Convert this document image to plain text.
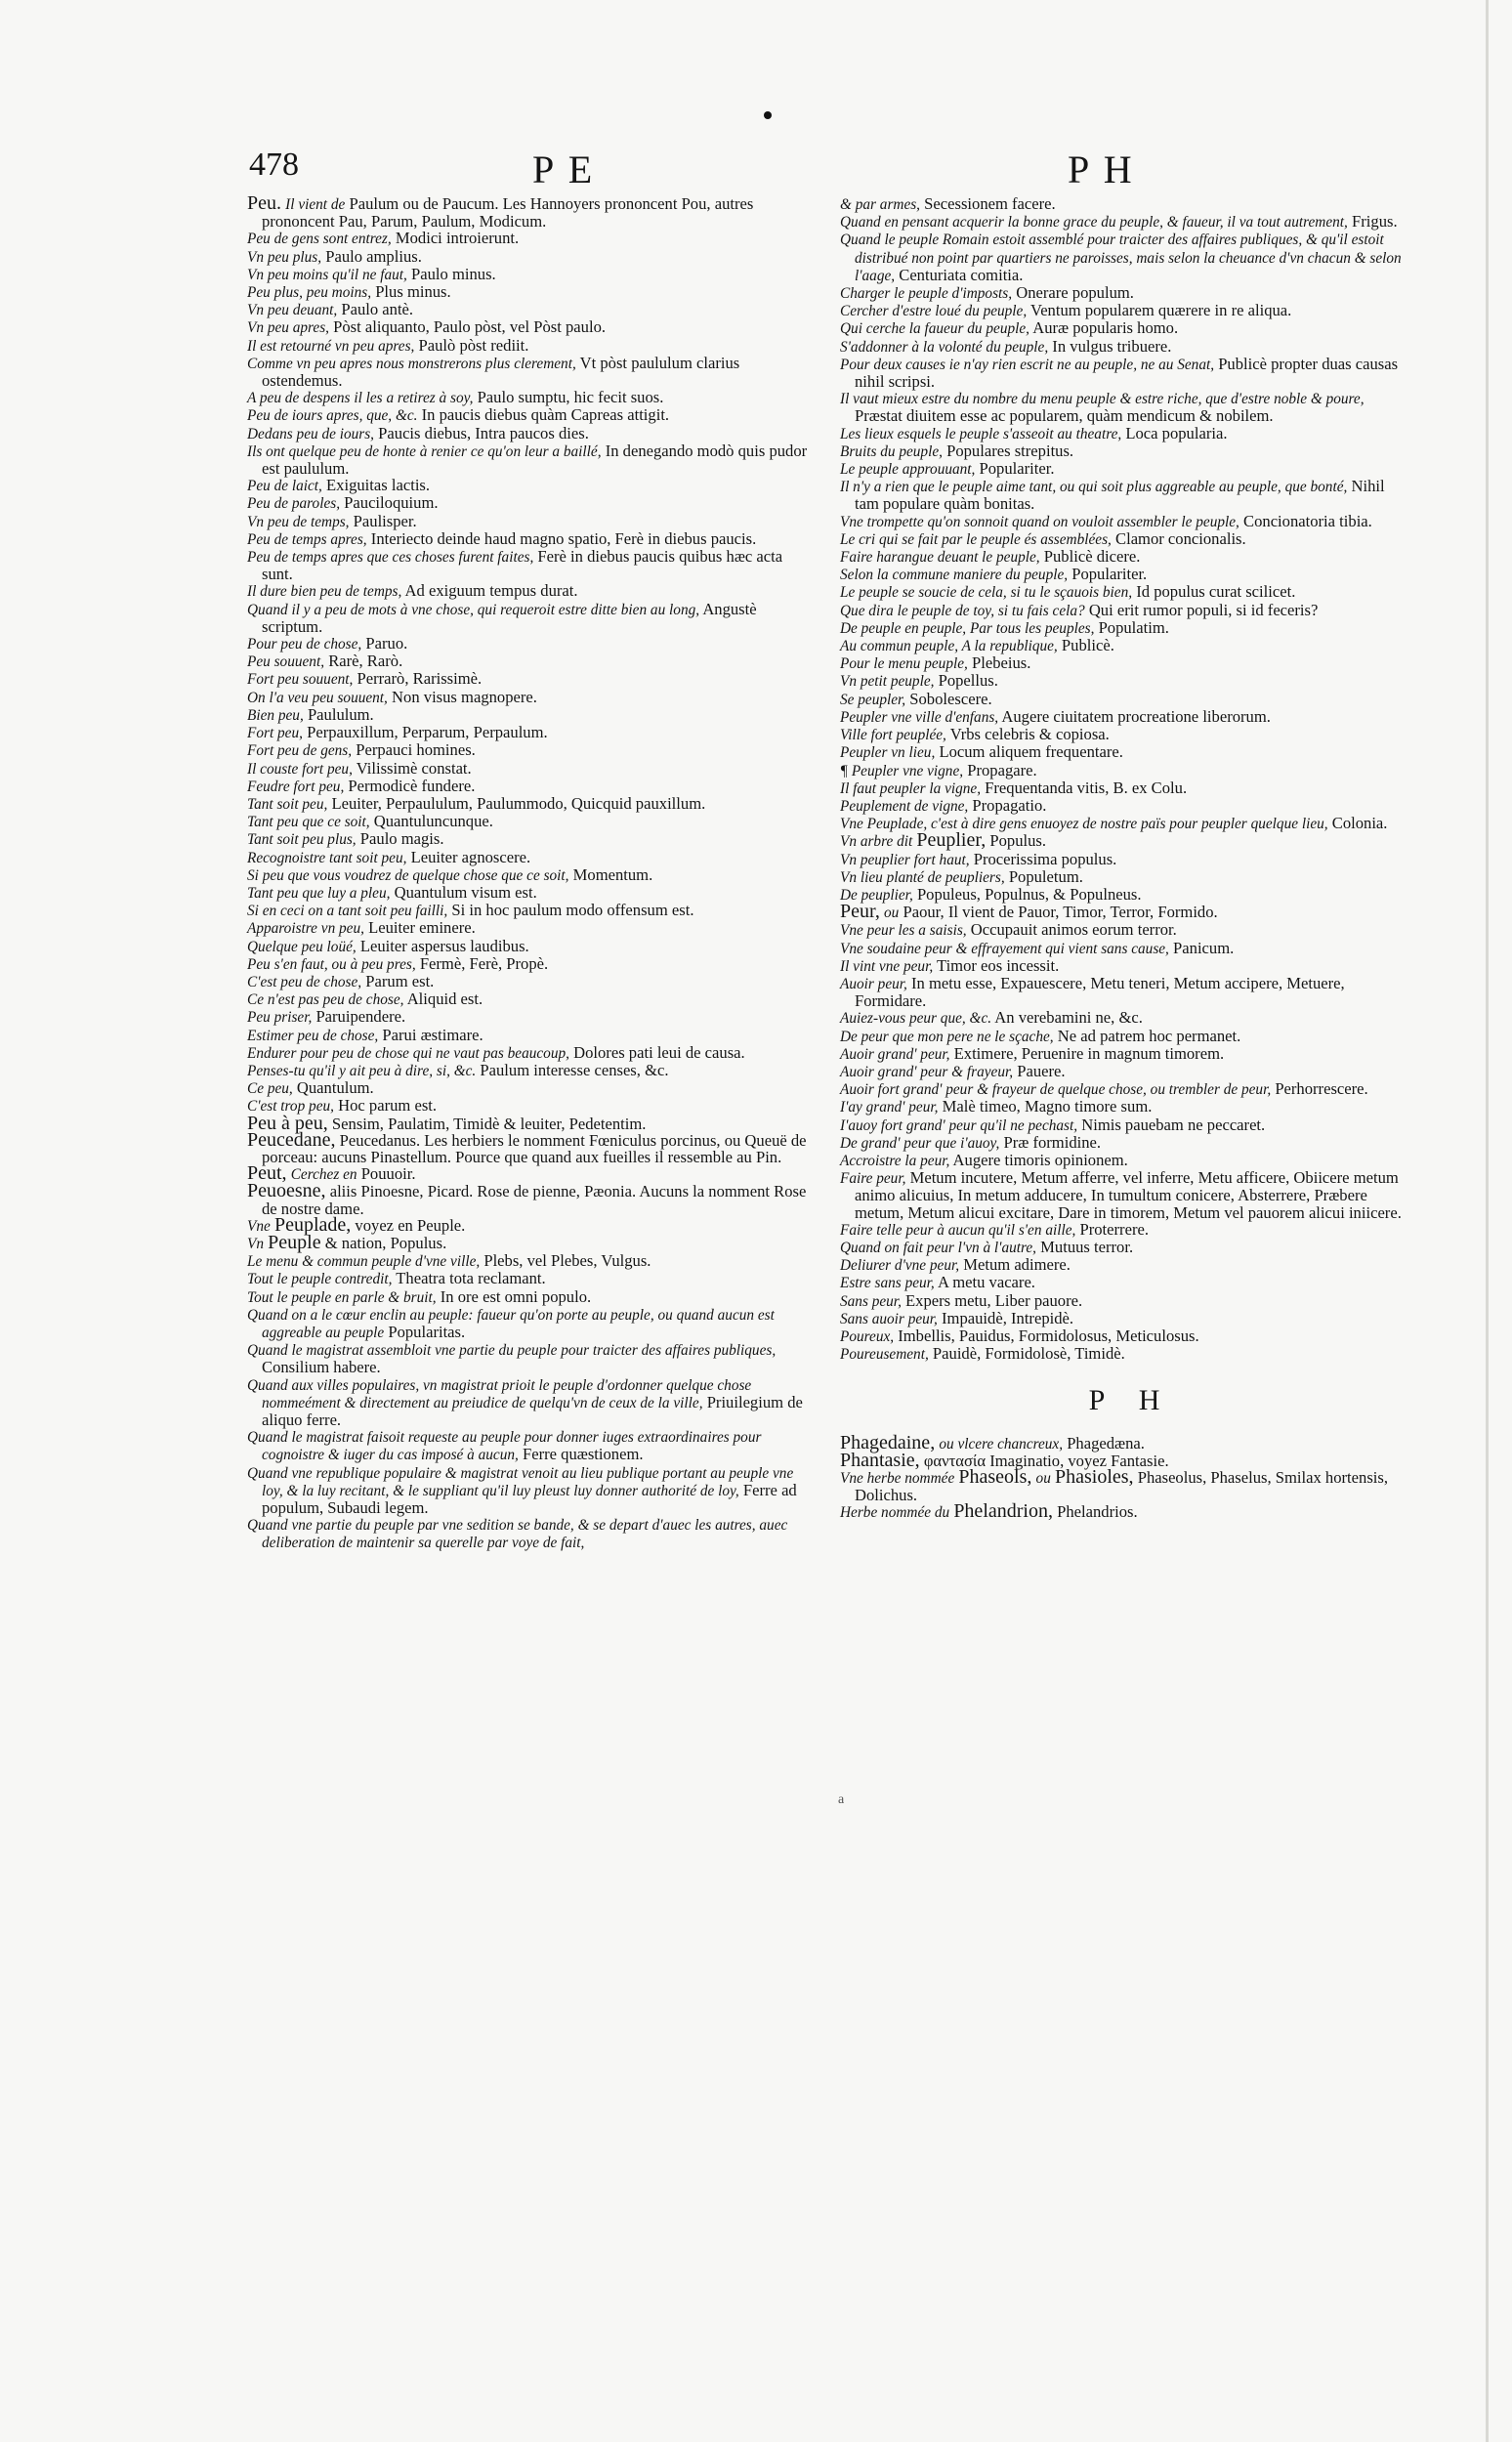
478	P E	P H

Peu. Il vient de Paulum ou de Paucum. Les Hannoyers prononcent Pou, autres prononcent Pau, Parum, Paulum, Modicum.

Peu de gens sont entrez, Modici introierunt.

Vn peu plus, Paulo amplius.

Vn peu moins qu'il ne faut, Paulo minus.

Peu plus, peu moins, Plus minus.

Vn peu deuant, Paulo antè.

Vn peu apres, Pòst aliquanto, Paulo pòst, vel Pòst paulo.

Il est retourné vn peu apres, Paulò pòst rediit.

Comme vn peu apres nous monstrerons plus clerement, Vt pòst paululum clarius ostendemus.

A peu de despens il les a retirez à soy, Paulo sumptu, hic fecit suos.

Peu de iours apres, que, &c. In paucis diebus quàm Capreas attigit.

Dedans peu de iours, Paucis diebus, Intra paucos dies.

Ils ont quelque peu de honte à renier ce qu'on leur a baillé, In denegando modò quis pudor est paululum.

Peu de laict, Exiguitas lactis.

Peu de paroles, Pauciloquium.

Vn peu de temps, Paulisper.

Peu de temps apres, Interiecto deinde haud magno spatio, Ferè in diebus paucis.

Peu de temps apres que ces choses furent faites, Ferè in diebus paucis quibus hæc acta sunt.

Il dure bien peu de temps, Ad exiguum tempus durat.

Quand il y a peu de mots à vne chose, qui requeroit estre ditte bien au long, Angustè scriptum.

Pour peu de chose, Paruo.

Peu souuent, Rarè, Rarò.

Fort peu souuent, Perrarò, Rarissimè.

On l'a veu peu souuent, Non visus magnopere.

Bien peu, Paululum.

Fort peu, Perpauxillum, Perparum, Perpaulum.

Fort peu de gens, Perpauci homines.

Il couste fort peu, Vilissimè constat.

Feudre fort peu, Permodicè fundere.

Tant soit peu, Leuiter, Perpaululum, Paulummodo, Quicquid pauxillum.

Tant peu que ce soit, Quantuluncunque.

Tant soit peu plus, Paulo magis.

Recognoistre tant soit peu, Leuiter agnoscere.

Si peu que vous voudrez de quelque chose que ce soit, Momentum.

Tant peu que luy a pleu, Quantulum visum est.

Si en ceci on a tant soit peu failli, Si in hoc paulum modo offensum est.

Apparoistre vn peu, Leuiter eminere.

Quelque peu loüé, Leuiter aspersus laudibus.

Peu s'en faut, ou à peu pres, Fermè, Ferè, Propè.

C'est peu de chose, Parum est.

Ce n'est pas peu de chose, Aliquid est.

Peu priser, Paruipendere.

Estimer peu de chose, Parui æstimare.

Endurer pour peu de chose qui ne vaut pas beaucoup, Dolores pati leui de causa.

Penses-tu qu'il y ait peu à dire, si, &c. Paulum interesse censes, &c.

Ce peu, Quantulum.

C'est trop peu, Hoc parum est.

Peu à peu, Sensim, Paulatim, Timidè & leuiter, Pedetentim.

Peucedane, Peucedanus. Les herbiers le nomment Fœniculus porcinus, ou Queuë de porceau: aucuns Pinastellum. Pource que quand aux fueilles il ressemble au Pin.

Peut, Cerchez en Pouuoir.

Peuoesne, aliis Pinoesne, Picard. Rose de pienne, Pæonia. Aucuns la nomment Rose de nostre dame.

Vne Peuplade, voyez en Peuple.

Vn Peuple & nation, Populus.

Le menu & commun peuple d'vne ville, Plebs, vel Plebes, Vulgus.

Tout le peuple contredit, Theatra tota reclamant.

Tout le peuple en parle & bruit, In ore est omni populo.

Quand on a le cœur enclin au peuple: faueur qu'on porte au peuple, ou quand aucun est aggreable au peuple Popularitas.

Quand le magistrat assembloit vne partie du peuple pour traicter des affaires publiques, Consilium habere.

Quand aux villes populaires, vn magistrat prioit le peuple d'ordonner quelque chose nommeément & directement au preiudice de quelqu'vn de ceux de la ville, Priuilegium de aliquo ferre.

Quand le magistrat faisoit requeste au peuple pour donner iuges extraordinaires pour cognoistre & iuger du cas imposé à aucun, Ferre quæstionem.

Quand vne republique populaire & magistrat venoit au lieu publique portant au peuple vne loy, & la luy recitant, & le suppliant qu'il luy pleust luy donner authorité de loy, Ferre ad populum, Subaudi legem.

Quand vne partie du peuple par vne sedition se bande, & se depart d'auec les autres, auec deliberation de maintenir sa querelle par voye de fait,

& par armes, Secessionem facere.

Quand en pensant acquerir la bonne grace du peuple, & faueur, il va tout autrement, Frigus.

Quand le peuple Romain estoit assemblé pour traicter des affaires publiques, & qu'il estoit distribué non point par quartiers ne paroisses, mais selon la cheuance d'vn chacun & selon l'aage, Centuriata comitia.

Charger le peuple d'imposts, Onerare populum.

Cercher d'estre loué du peuple, Ventum popularem quærere in re aliqua.

Qui cerche la faueur du peuple, Auræ popularis homo.

S'addonner à la volonté du peuple, In vulgus tribuere.

Pour deux causes ie n'ay rien escrit ne au peuple, ne au Senat, Publicè propter duas causas nihil scripsi.

Il vaut mieux estre du nombre du menu peuple & estre riche, que d'estre noble & poure, Præstat diuitem esse ac popularem, quàm mendicum & nobilem.

Les lieux esquels le peuple s'asseoit au theatre, Loca popularia.

Bruits du peuple, Populares strepitus.

Le peuple approuuant, Populariter.

Il n'y a rien que le peuple aime tant, ou qui soit plus aggreable au peuple, que bonté, Nihil tam populare quàm bonitas.

Vne trompette qu'on sonnoit quand on vouloit assembler le peuple, Concionatoria tibia.

Le cri qui se fait par le peuple és assemblées, Clamor concionalis.

Faire harangue deuant le peuple, Publicè dicere.

Selon la commune maniere du peuple, Populariter.

Le peuple se soucie de cela, si tu le sçauois bien, Id populus curat scilicet.

Que dira le peuple de toy, si tu fais cela? Qui erit rumor populi, si id feceris?

De peuple en peuple, Par tous les peuples, Populatim.

Au commun peuple, A la republique, Publicè.

Pour le menu peuple, Plebeius.

Vn petit peuple, Popellus.

Se peupler, Sobolescere.

Peupler vne ville d'enfans, Augere ciuitatem procreatione liberorum.

Ville fort peuplée, Vrbs celebris & copiosa.

Peupler vn lieu, Locum aliquem frequentare.

¶ Peupler vne vigne, Propagare.

Il faut peupler la vigne, Frequentanda vitis, B. ex Colu.

Peuplement de vigne, Propagatio.

Vne Peuplade, c'est à dire gens enuoyez de nostre païs pour peupler quelque lieu, Colonia.

Vn arbre dit Peuplier, Populus.

Vn peuplier fort haut, Procerissima populus.

Vn lieu planté de peupliers, Populetum.

De peuplier, Populeus, Populnus, & Populneus.

Peur, ou Paour, Il vient de Pauor, Timor, Terror, Formido.

Vne peur les a saisis, Occupauit animos eorum terror.

Vne soudaine peur & effrayement qui vient sans cause, Panicum.

Il vint vne peur, Timor eos incessit.

Auoir peur, In metu esse, Expauescere, Metu teneri, Metum accipere, Metuere, Formidare.

Auiez-vous peur que, &c. An verebamini ne, &c.

De peur que mon pere ne le sçache, Ne ad patrem hoc permanet.

Auoir grand' peur, Extimere, Peruenire in magnum timorem.

Auoir grand' peur & frayeur, Pauere.

Auoir fort grand' peur & frayeur de quelque chose, ou trembler de peur, Perhorrescere.

I'ay grand' peur, Malè timeo, Magno timore sum.

I'auoy fort grand' peur qu'il ne pechast, Nimis pauebam ne peccaret.

De grand' peur que i'auoy, Præ formidine.

Accroistre la peur, Augere timoris opinionem.

Faire peur, Metum incutere, Metum afferre, vel inferre, Metu afficere, Obiicere metum animo alicuius, In metum adducere, In tumultum conicere, Absterrere, Præbere metum, Metum alicui excitare, Dare in timorem, Metum vel pauorem alicui iniicere.

Faire telle peur à aucun qu'il s'en aille, Proterrere.

Quand on fait peur l'vn à l'autre, Mutuus terror.

Deliurer d'vne peur, Metum adimere.

Estre sans peur, A metu vacare.

Sans peur, Expers metu, Liber pauore.

Sans auoir peur, Impauidè, Intrepidè.

Poureux, Imbellis, Pauidus, Formidolosus, Meticulosus.

Poureusement, Pauidè, Formidolosè, Timidè.

P H

Phagedaine, ou vlcere chancreux, Phagedæna.

Phantasie, φαντασία Imaginatio, voyez Fantasie.

Vne herbe nommée Phaseols, ou Phasioles, Phaseolus, Phaselus, Smilax hortensis, Dolichus.

Herbe nommée du Phelandrion, Phelandrios.

a
